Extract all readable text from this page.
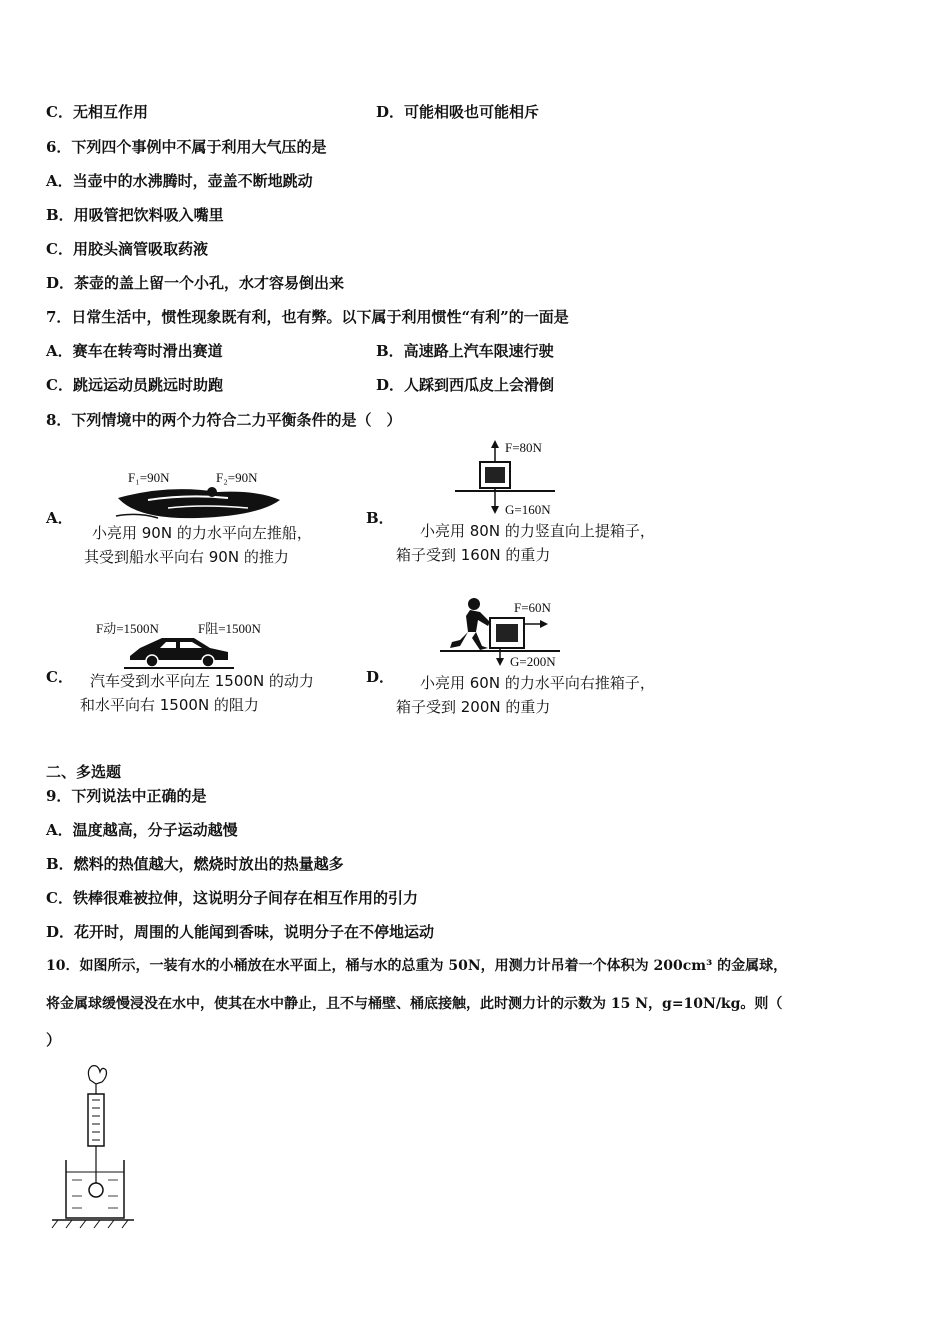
C．无相互作用	D．可能相吸也可能相斥
6．下列四个事例中不属于利用大气压的是
A．当壶中的水沸腾时，壶盖不断地跳动
B．用吸管把饮料吸入嘴里
C．用胶头滴管吸取药液
D．茶壶的盖上留一个小孔，水才容易倒出来
7．日常生活中，惯性现象既有利，也有弊。以下属于利用惯性“有利”的一面是
A．赛车在转弯时滑出赛道	B．高速路上汽车限速行驶
C．跳远运动员跳远时助跑	D．人踩到西瓜皮上会滑倒
8．下列情境中的两个力符合二力平衡条件的是（　）
A．
F₁=90N	F₂=90N
小亮用 90N 的力水平向左推船，
其受到船水平向右 90N 的推力
B．
F=80N
G=160N
小亮用 80N 的力竖直向上提箱子，
箱子受到 160N 的重力
C．
F动=1500N	F阻=1500N
汽车受到水平向左 1500N 的动力
和水平向右 1500N 的阻力
D．
F=60N
G=200N
小亮用 60N 的力水平向右推箱子，
箱子受到 200N 的重力
二、多选题
9．下列说法中正确的是
A．温度越高，分子运动越慢
B．燃料的热值越大，燃烧时放出的热量越多
C．铁棒很难被拉伸，这说明分子间存在相互作用的引力
D．花开时，周围的人能闻到香味，说明分子在不停地运动
10．如图所示，一装有水的小桶放在水平面上，桶与水的总重为 50N，用测力计吊着一个体积为 200cm³ 的金属球，
将金属球缓慢浸没在水中，使其在水中静止，且不与桶壁、桶底接触，此时测力计的示数为 15 N，g=10N/kg。则（
）
